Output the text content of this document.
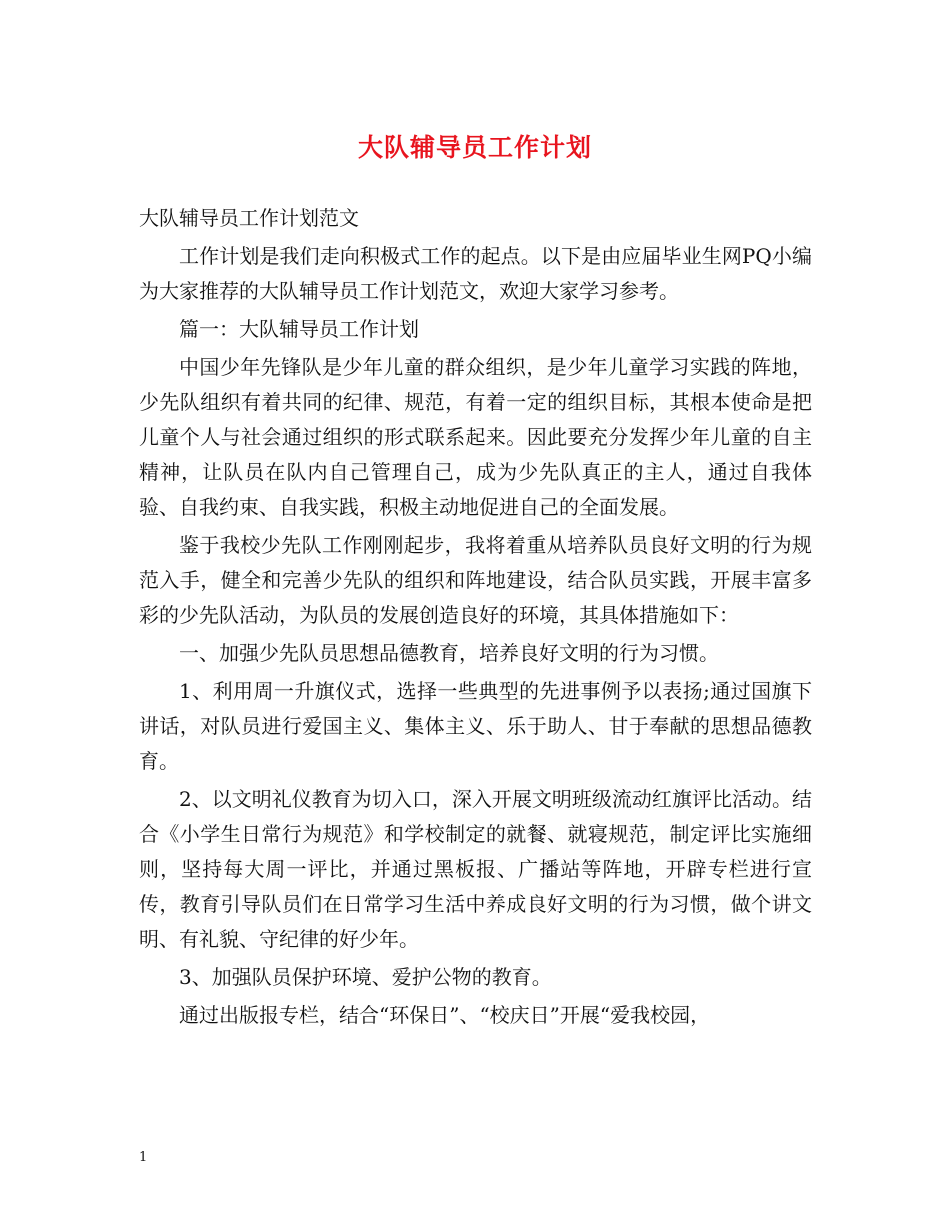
大队辅导员工作计划

大队辅导员工作计划范文

工作计划是我们走向积极式工作的起点。以下是由应届毕业生网PQ小编为大家推荐的大队辅导员工作计划范文，欢迎大家学习参考。

篇一：大队辅导员工作计划

中国少年先锋队是少年儿童的群众组织，是少年儿童学习实践的阵地，少先队组织有着共同的纪律、规范，有着一定的组织目标，其根本使命是把儿童个人与社会通过组织的形式联系起来。因此要充分发挥少年儿童的自主精神，让队员在队内自己管理自己，成为少先队真正的主人，通过自我体验、自我约束、自我实践，积极主动地促进自己的全面发展。

鉴于我校少先队工作刚刚起步，我将着重从培养队员良好文明的行为规范入手，健全和完善少先队的组织和阵地建设，结合队员实践，开展丰富多彩的少先队活动，为队员的发展创造良好的环境，其具体措施如下：

一、加强少先队员思想品德教育，培养良好文明的行为习惯。

1、利用周一升旗仪式，选择一些典型的先进事例予以表扬;通过国旗下讲话，对队员进行爱国主义、集体主义、乐于助人、甘于奉献的思想品德教育。

2、以文明礼仪教育为切入口，深入开展文明班级流动红旗评比活动。结合《小学生日常行为规范》和学校制定的就餐、就寝规范，制定评比实施细则，坚持每大周一评比，并通过黑板报、广播站等阵地，开辟专栏进行宣传，教育引导队员们在日常学习生活中养成良好文明的行为习惯，做个讲文明、有礼貌、守纪律的好少年。

3、加强队员保护环境、爱护公物的教育。

通过出版报专栏，结合“环保日”、“校庆日”开展“爱我校园，

1
